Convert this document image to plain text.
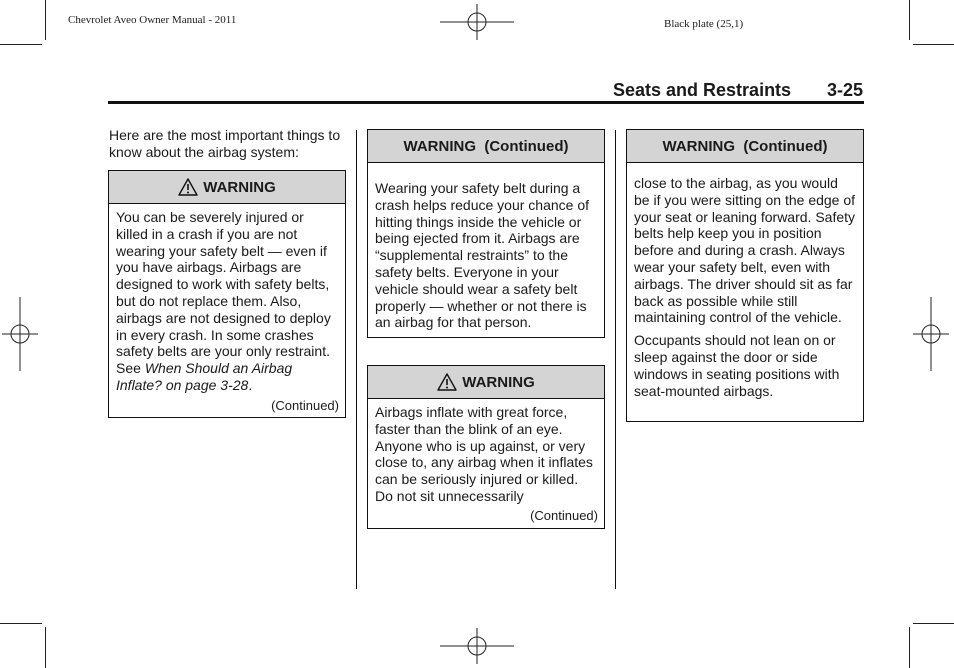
Chevrolet Aveo Owner Manual - 2011	Black plate (25,1)
Seats and Restraints 3-25
Here are the most important things to know about the airbag system:
WARNING
You can be severely injured or killed in a crash if you are not wearing your safety belt — even if you have airbags. Airbags are designed to work with safety belts, but do not replace them. Also, airbags are not designed to deploy in every crash. In some crashes safety belts are your only restraint. See When Should an Airbag Inflate? on page 3-28.
(Continued)
WARNING  (Continued)
Wearing your safety belt during a crash helps reduce your chance of hitting things inside the vehicle or being ejected from it. Airbags are “supplemental restraints” to the safety belts. Everyone in your vehicle should wear a safety belt properly — whether or not there is an airbag for that person.
WARNING
Airbags inflate with great force, faster than the blink of an eye. Anyone who is up against, or very close to, any airbag when it inflates can be seriously injured or killed. Do not sit unnecessarily
(Continued)
WARNING  (Continued)

close to the airbag, as you would be if you were sitting on the edge of your seat or leaning forward. Safety belts help keep you in position before and during a crash. Always wear your safety belt, even with airbags. The driver should sit as far back as possible while still maintaining control of the vehicle.

Occupants should not lean on or sleep against the door or side windows in seating positions with seat-mounted airbags.
